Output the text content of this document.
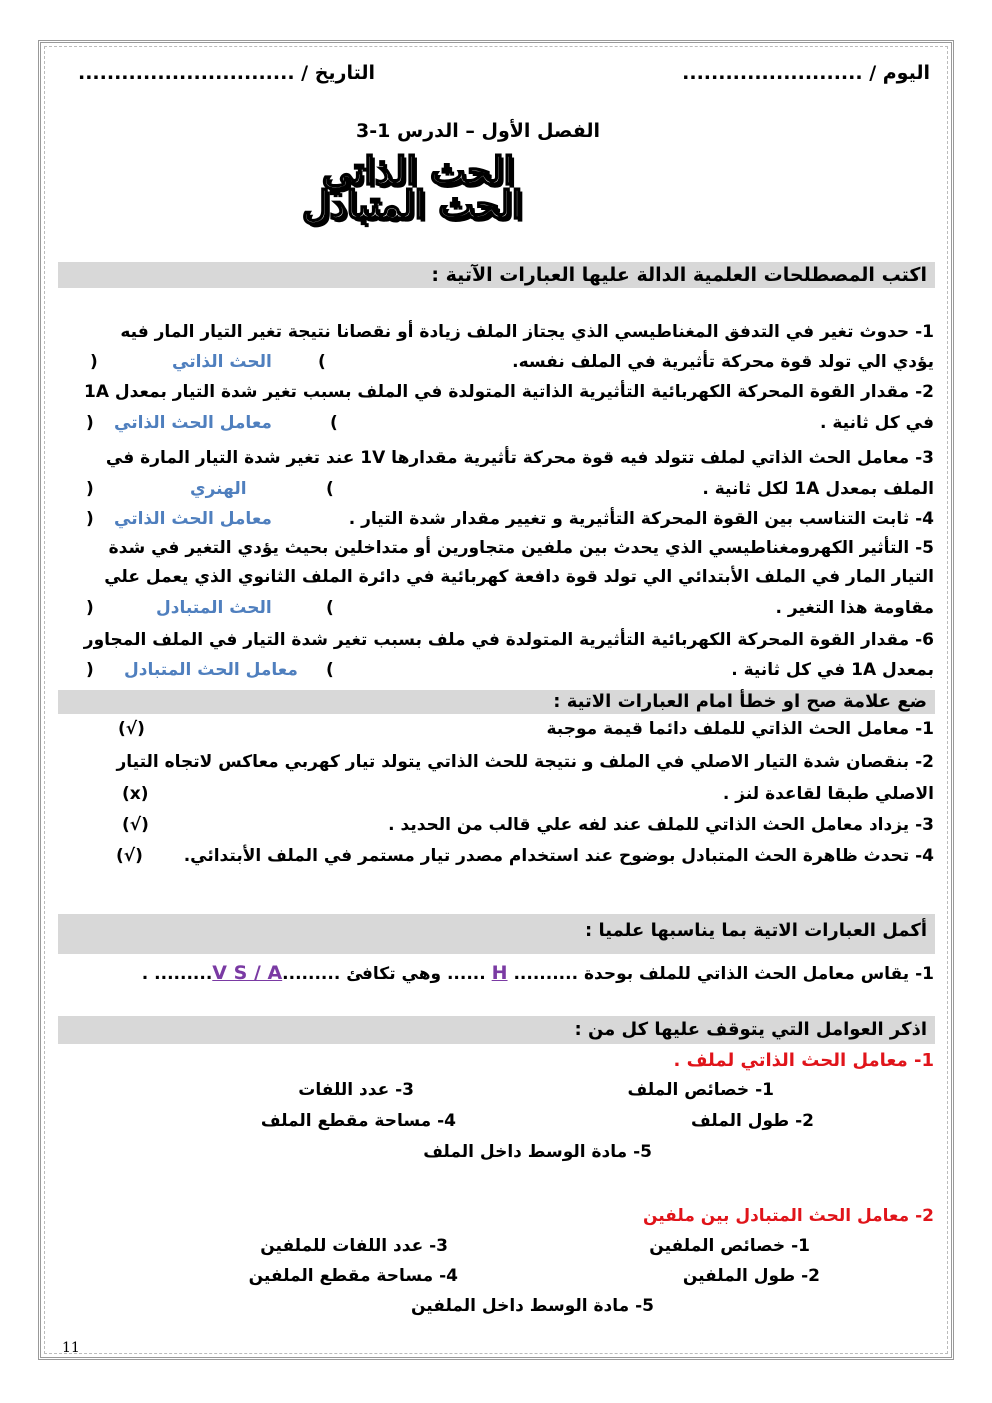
اليوم / .........................
التاريخ / ..............................
الفصل الأول – الدرس 1-3
الحث الذاتي
الحث المتبادل
اكتب المصطلحات العلمية الدالة عليها العبارات الآتية :
1- حدوث تغير في التدفق المغناطيسي الذي يجتاز الملف زيادة أو نقصانا نتيجة تغير التيار المار فيه
يؤدي الي تولد قوة محركة تأثيرية في الملف نفسه.
(
الحث الذاتي
)
2- مقدار القوة المحركة الكهربائية التأثيرية الذاتية المتولدة في الملف بسبب تغير شدة التيار بمعدل 1A
في كل ثانية .
(
معامل الحث الذاتي
)
3- معامل الحث الذاتي لملف تتولد فيه قوة محركة تأثيرية مقدارها 1V عند تغير شدة التيار المارة في
الملف بمعدل 1A لكل ثانية .
(
الهنري
)
4- ثابت التناسب بين القوة المحركة التأثيرية و تغيير مقدار شدة التيار .
معامل الحث الذاتي
)
5- التأثير الكهرومغناطيسي الذي يحدث بين ملفين متجاورين أو متداخلين بحيث يؤدي التغير في شدة
التيار المار في الملف الأبتدائي الي تولد قوة دافعة كهربائية في دائرة الملف الثانوي الذي يعمل علي
مقاومة هذا التغير .
(
الحث المتبادل
)
6- مقدار القوة المحركة الكهربائية التأثيرية المتولدة في ملف بسبب تغير شدة التيار في الملف المجاور
بمعدل 1A في كل ثانية .
(
معامل الحث المتبادل
)
ضع علامة صح او خطأ امام العبارات الاتية :
1- معامل الحث الذاتي للملف دائما قيمة موجبة
(√)
2- بنقصان شدة التيار الاصلي في الملف و نتيجة للحث الذاتي يتولد تيار كهربي معاكس لاتجاه التيار
الاصلي طبقا لقاعدة لنز .
(x)
3- يزداد معامل الحث الذاتي للملف عند لفه علي قالب من الحديد .
(√)
4- تحدث ظاهرة الحث المتبادل بوضوح عند استخدام مصدر تيار مستمر في الملف الأبتدائي.
(√)
أكمل العبارات الاتية بما يناسبها علميا :
1- يقاس معامل الحث الذاتي للملف بوحدة .......... H ...... وهي تكافئ .........V S / A......... .
اذكر العوامل التي يتوقف عليها كل من :
1- معامل الحث الذاتي لملف .
1- خصائص الملف
3- عدد اللفات
2- طول الملف
4- مساحة مقطع الملف
5- مادة الوسط داخل الملف
2- معامل الحث المتبادل بين ملفين
1- خصائص الملفين
3- عدد اللفات للملفين
2- طول الملفين
4- مساحة مقطع الملفين
5- مادة الوسط داخل الملفين
11
